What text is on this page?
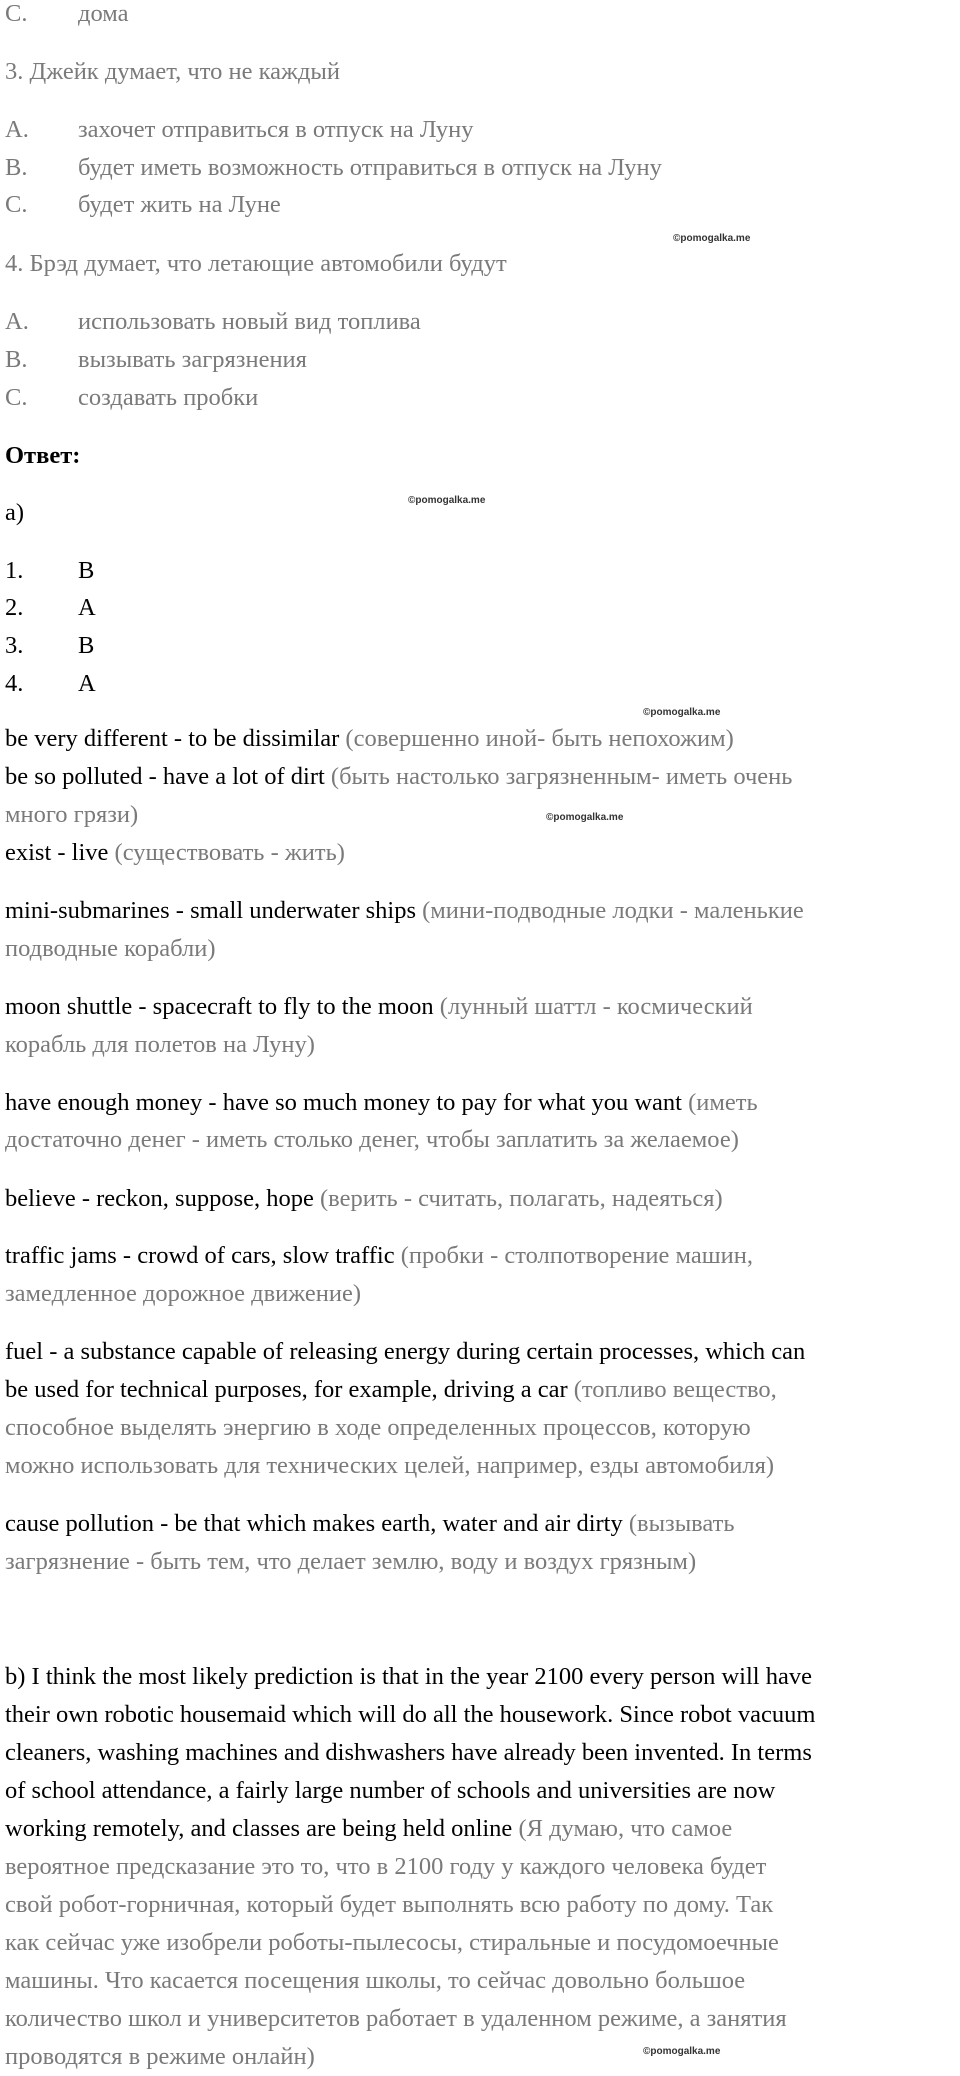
C. дома
3. Джейк думает, что не каждый
A. захочет отправиться в отпуск на Луну
B. будет иметь возможность отправиться в отпуск на Луну
C. будет жить на Луне
©pomogalka.me
4. Брэд думает, что летающие автомобили будут
A. использовать новый вид топлива
B. вызывать загрязнения
C. создавать пробки
Ответ:
a)	©pomogalka.me
1. B
2. A
3. B
4. A
©pomogalka.me
be very different - to be dissimilar (совершенно иной- быть непохожим)
be so polluted - have a lot of dirt (быть настолько загрязненным- иметь очень
много грязи)	©pomogalka.me
exist - live (существовать - жить)
mini-submarines - small underwater ships (мини-подводные лодки - маленькие
подводные корабли)
moon shuttle - spacecraft to fly to the moon (лунный шаттл - космический
корабль для полетов на Луну)
have enough money - have so much money to pay for what you want (иметь
достаточно денег - иметь столько денег, чтобы заплатить за желаемое)
believe - reckon, suppose, hope (верить - считать, полагать, надеяться)
traffic jams - crowd of cars, slow traffic (пробки - столпотворение машин,
замедленное дорожное движение)
fuel - a substance capable of releasing energy during certain processes, which can
be used for technical purposes, for example, driving a car (топливо вещество,
способное выделять энергию в ходе определенных процессов, которую
можно использовать для технических целей, например, езды автомобиля)
cause pollution - be that which makes earth, water and air dirty (вызывать
загрязнение - быть тем, что делает землю, воду и воздух грязным)
b) I think the most likely prediction is that in the year 2100 every person will have
their own robotic housemaid which will do all the housework. Since robot vacuum
cleaners, washing machines and dishwashers have already been invented. In terms
of school attendance, a fairly large number of schools and universities are now
working remotely, and classes are being held online (Я думаю, что самое
вероятное предсказание это то, что в 2100 году у каждого человека будет
свой робот-горничная, который будет выполнять всю работу по дому. Так
как сейчас уже изобрели роботы-пылесосы, стиральные и посудомоечные
машины. Что касается посещения школы, то сейчас довольно большое
количество школ и университетов работает в удаленном режиме, а занятия
проводятся в режиме онлайн)	©pomogalka.me
